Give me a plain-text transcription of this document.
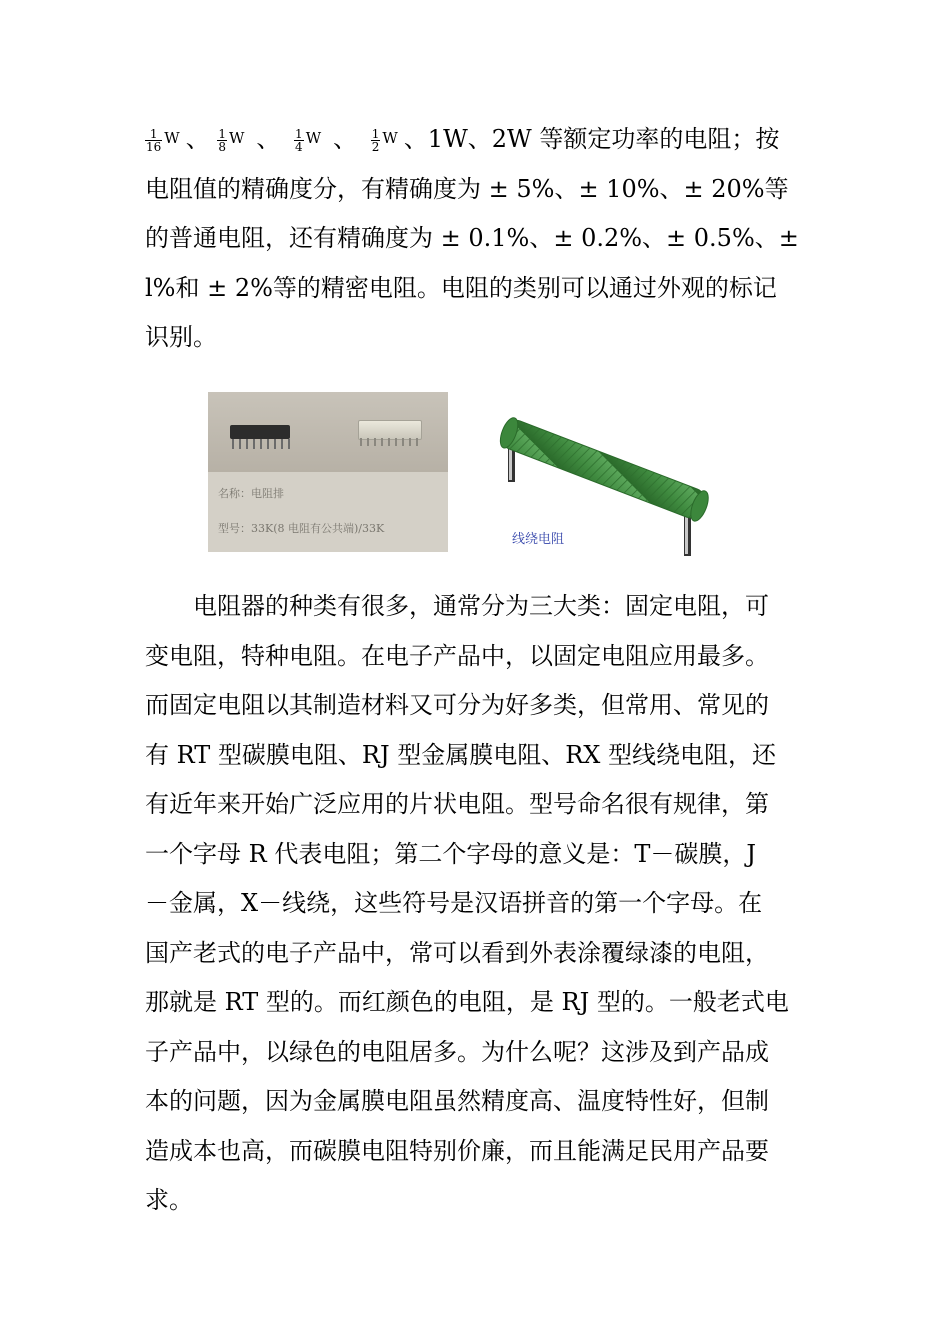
$\frac{1}{16}$ W 、 $\frac{1}{8}$ W 、 $\frac{1}{4}$ W 、 $\frac{1}{2}$ W 、1W、2W 等额定功率的电阻；按
电阻值的精确度分，有精确度为 ± 5%、± 10%、± 20%等
的普通电阻，还有精确度为 ± 0.1%、± 0.2%、± 0.5%、±
l%和 ± 2%等的精密电阻。电阻的类别可以通过外观的标记
识别。
名称：电阻排
型号：33K(8 电阻有公共端)/33K
线绕电阻
　　电阻器的种类有很多，通常分为三大类：固定电阻，可
变电阻，特种电阻。在电子产品中，以固定电阻应用最多。
而固定电阻以其制造材料又可分为好多类，但常用、常见的
有 RT 型碳膜电阻、RJ 型金属膜电阻、RX 型线绕电阻，还
有近年来开始广泛应用的片状电阻。型号命名很有规律，第
一个字母 R 代表电阻；第二个字母的意义是：T－碳膜，J
－金属，X－线绕，这些符号是汉语拼音的第一个字母。在
国产老式的电子产品中，常可以看到外表涂覆绿漆的电阻，
那就是 RT 型的。而红颜色的电阻，是 RJ 型的。一般老式电
子产品中，以绿色的电阻居多。为什么呢？这涉及到产品成
本的问题，因为金属膜电阻虽然精度高、温度特性好，但制
造成本也高，而碳膜电阻特别价廉，而且能满足民用产品要
求。
